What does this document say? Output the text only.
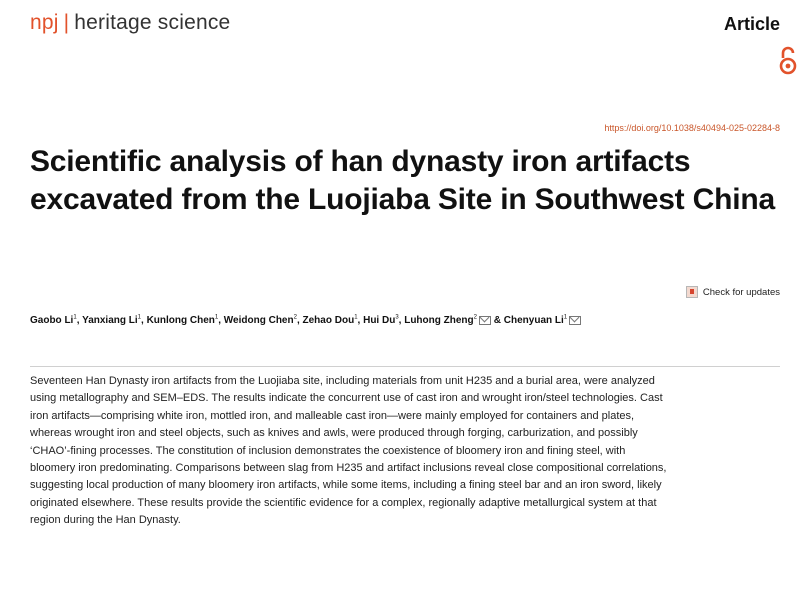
npj | heritage science	Article
https://doi.org/10.1038/s40494-025-02284-8
Scientific analysis of han dynasty iron artifacts excavated from the Luojiaba Site in Southwest China
Check for updates
Gaobo Li$^1$, Yanxiang Li$^1$, Kunlong Chen$^1$, Weidong Chen$^2$, Zehao Dou$^1$, Hui Du$^3$, Luhong Zheng$^2$ & Chenyuan Li$^1$

Seventeen Han Dynasty iron artifacts from the Luojiaba site, including materials from unit H235 and a burial area, were analyzed using metallography and SEM–EDS. The results indicate the concurrent use of cast iron and wrought iron/steel technologies. Cast iron artifacts—comprising white iron, mottled iron, and malleable cast iron—were mainly employed for containers and plates, whereas wrought iron and steel objects, such as knives and awls, were produced through forging, carburization, and possibly ‘CHAO’-fining processes. The constitution of inclusion demonstrates the coexistence of bloomery iron and fining steel, with bloomery iron predominating. Comparisons between slag from H235 and artifact inclusions reveal close compositional correlations, suggesting local production of many bloomery iron artifacts, while some items, including a fining steel bar and an iron sword, likely originated elsewhere. These results provide the scientific evidence for a complex, regionally adaptive metallurgical system at that region during the Han Dynasty.
